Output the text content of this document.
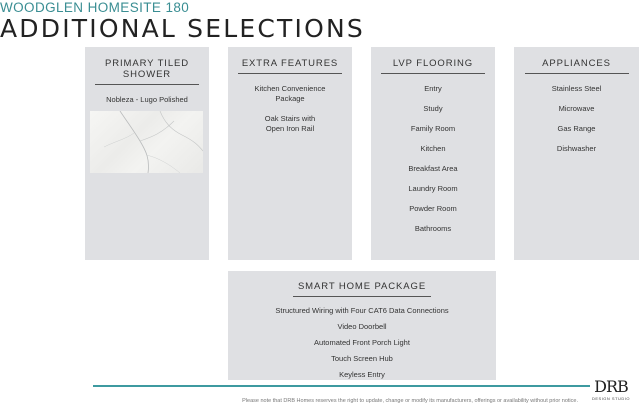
WOODGLEN HOMESITE 180
ADDITIONAL SELECTIONS
PRIMARY TILED SHOWER
Nobleza - Lugo Polished
EXTRA FEATURES
Kitchen Convenience
Package
Oak Stairs with
Open Iron Rail
LVP FLOORING
Entry
Study
Family Room
Kitchen
Breakfast Area
Laundry Room
Powder Room
Bathrooms
APPLIANCES
Stainless Steel
Microwave
Gas Range
Dishwasher
SMART HOME PACKAGE
Structured Wiring with Four CAT6 Data Connections
Video Doorbell
Automated Front Porch Light
Touch Screen Hub
Keyless Entry
Please note that DRB Homes reserves the right to update, change or modify its manufacturers, offerings or availability without prior notice.
DRB
DESIGN STUDIO
